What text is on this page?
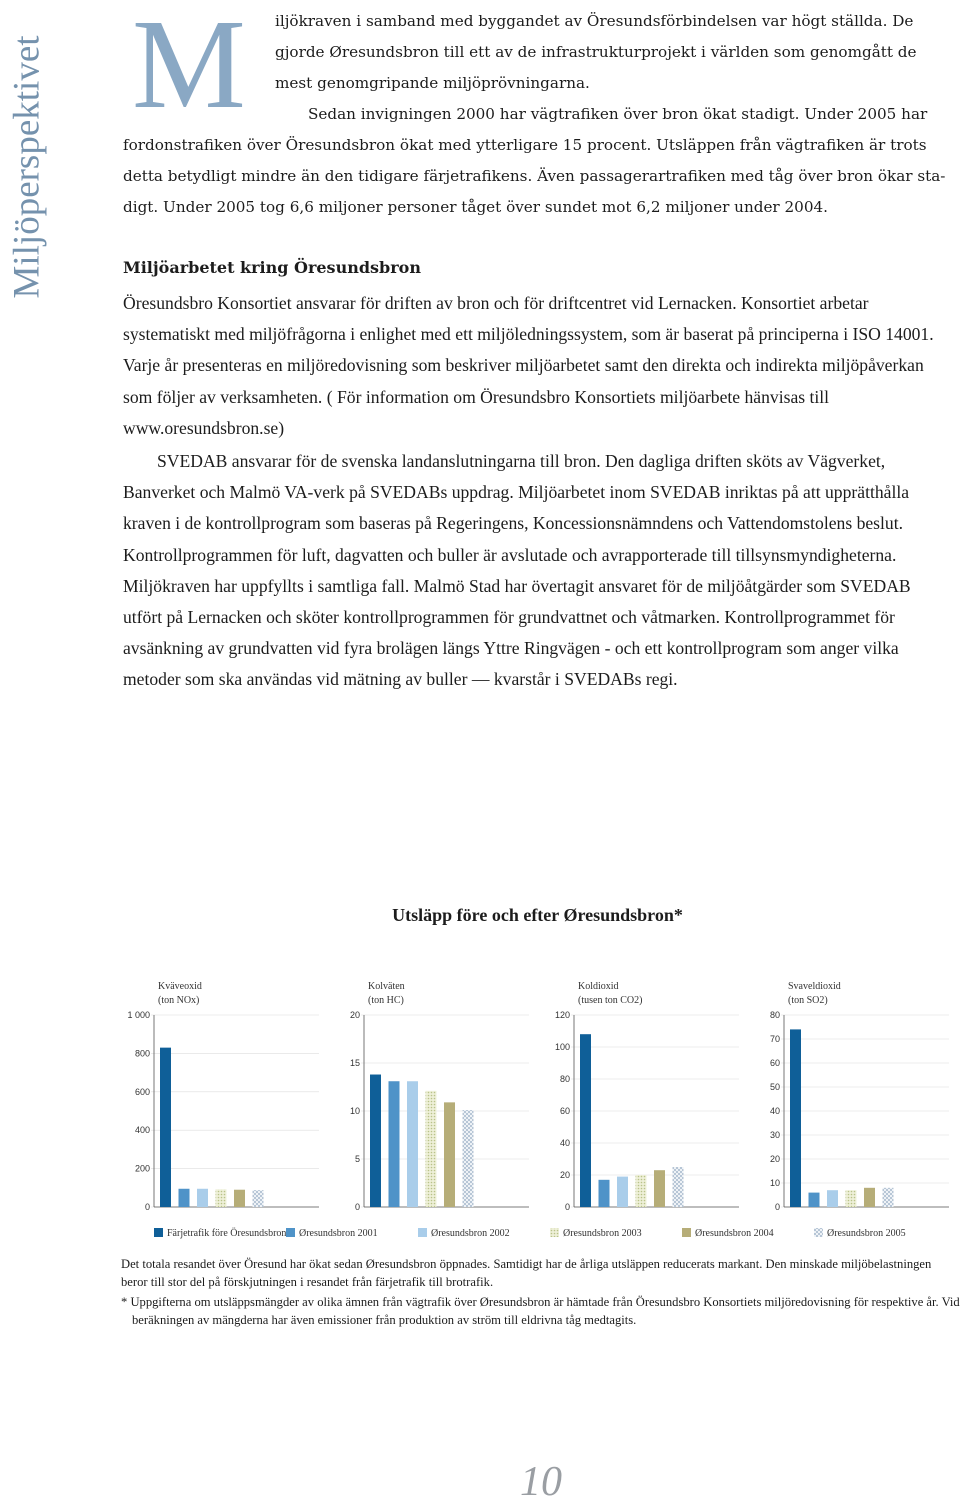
Miljöperspektivet M	iljökraven i samband med byggandet av Öresundsförbindelsen var högt ställda. De
gjorde Øresundsbron till ett av de infrastrukturprojekt i världen som genomgått de
mest genomgripande miljöprövningarna.
Sedan invigningen 2000 har vägtrafiken över bron ökat stadigt. Under 2005 har
fordonstrafiken över Öresundsbron ökat med ytterligare 15 procent. Utsläppen från vägtrafiken är trots
detta betydligt mindre än den tidigare färjetrafikens. Även passagerartrafiken med tåg över bron ökar sta-
digt. Under 2005 tog 6,6 miljoner personer tåget över sundet mot 6,2 miljoner under 2004.
Miljöarbetet kring Öresundsbron

Öresundsbro Konsortiet ansvarar för driften av bron och för driftcentret vid Lernacken. Konsortiet arbetar systematiskt med miljöfrågorna i enlighet med ett miljöledningssystem, som är baserat på principerna i ISO 14001. Varje år presenteras en miljöredovisning som beskriver miljöarbetet samt den direkta och indirekta miljöpåverkan som följer av verksamheten. ( För information om Öresundsbro Konsortiets miljöarbete hänvisas till www.oresundsbron.se)

SVEDAB ansvarar för de svenska landanslutningarna till bron. Den dagliga driften sköts av Vägverket, Banverket och Malmö VA-verk på SVEDABs uppdrag. Miljöarbetet inom SVEDAB inriktas på att upprätthålla kraven i de kontrollprogram som baseras på Regeringens, Koncessionsnämndens och Vattendomstolens beslut. Kontrollprogrammen för luft, dagvatten och buller är avslutade och avrapporterade till tillsynsmyndigheterna. Miljökraven har uppfyllts i samtliga fall. Malmö Stad har övertagit ansvaret för de miljöåtgärder som SVEDAB utfört på Lernacken och sköter kontrollprogrammen för grundvattnet och våtmarken. Kontrollprogrammet för avsänkning av grundvatten vid fyra brolägen längs Yttre Ringvägen - och ett kontrollprogram som anger vilka metoder som ska användas vid mätning av buller — kvarstår i SVEDABs regi.

Utsläpp före och efter Øresundsbron*
Kväveoxid
(ton NOx)
1 000
800
600
400
200
0
Kolväten
(ton HC)
20
15
10
5
0
Koldioxid
(tusen ton CO2)
120
100
80
60
40
20
0
Svaveldioxid
(ton SO2)
80
70
60
50
40
30
20
10
0
Färjetrafik före Öresundsbron Øresundsbron 2001	Øresundsbron 2002	Øresundsbron 2003	Øresundsbron 2004	Øresundsbron 2005

Det totala resandet över Öresund har ökat sedan Øresundsbron öppnades. Samtidigt har de årliga utsläppen reducerats markant. Den minskade miljöbelastningen beror till stor del på förskjutningen i resandet från färjetrafik till brotrafik.

* Uppgifterna om utsläppsmängder av olika ämnen från vägtrafik över Øresundsbron är hämtade från Öresundsbro Konsortiets miljöredovisning för respektive år. Vid beräkningen av mängderna har även emissioner från produktion av ström till eldrivna tåg medtagits.

10
